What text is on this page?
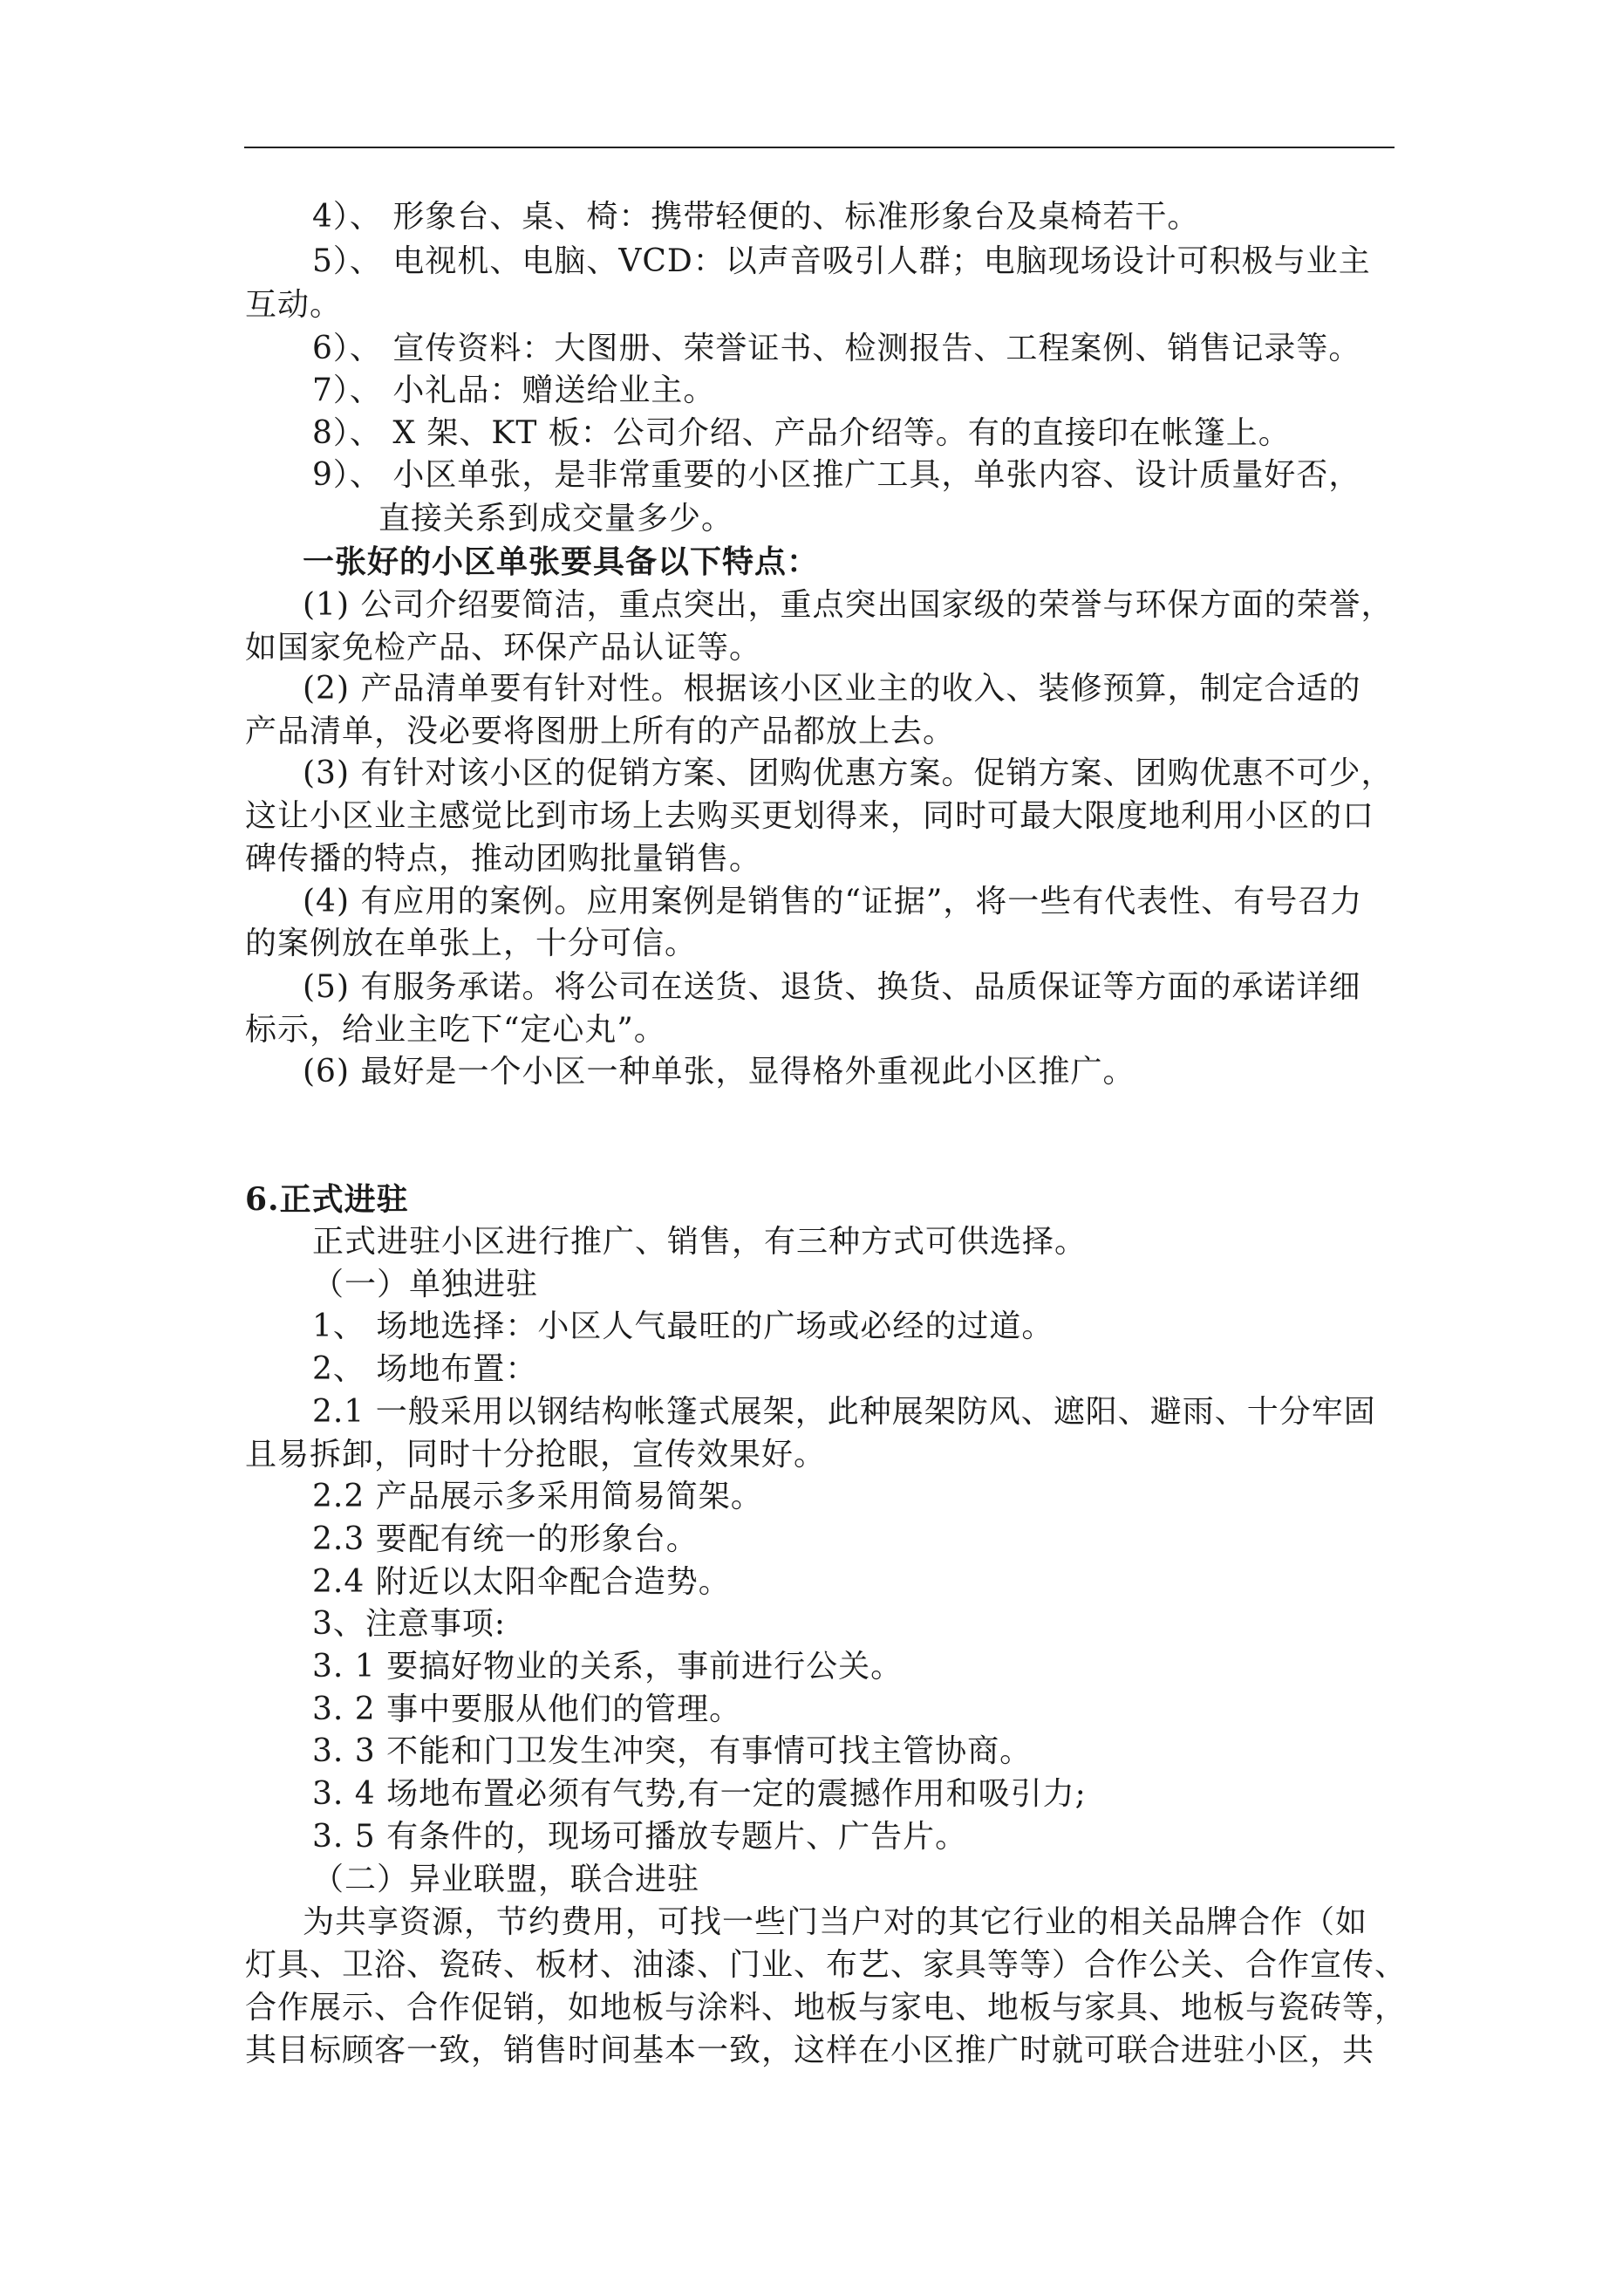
4）、 形象台、桌、椅：携带轻便的、标准形象台及桌椅若干。
5）、 电视机、电脑、VCD：以声音吸引人群；电脑现场设计可积极与业主
互动。
6）、 宣传资料：大图册、荣誉证书、检测报告、工程案例、销售记录等。
7）、 小礼品：赠送给业主。
8）、 X 架、KT 板：公司介绍、产品介绍等。有的直接印在帐篷上。
9）、 小区单张，是非常重要的小区推广工具，单张内容、设计质量好否，
直接关系到成交量多少。
一张好的小区单张要具备以下特点：
(1) 公司介绍要简洁，重点突出，重点突出国家级的荣誉与环保方面的荣誉，
如国家免检产品、环保产品认证等。
(2) 产品清单要有针对性。根据该小区业主的收入、装修预算，制定合适的
产品清单，没必要将图册上所有的产品都放上去。
(3) 有针对该小区的促销方案、团购优惠方案。促销方案、团购优惠不可少，
这让小区业主感觉比到市场上去购买更划得来，同时可最大限度地利用小区的口
碑传播的特点，推动团购批量销售。
(4) 有应用的案例。应用案例是销售的“证据”，将一些有代表性、有号召力
的案例放在单张上，十分可信。
(5) 有服务承诺。将公司在送货、退货、换货、品质保证等方面的承诺详细
标示，给业主吃下“定心丸”。
(6) 最好是一个小区一种单张，显得格外重视此小区推广。
6.正式进驻
正式进驻小区进行推广、销售，有三种方式可供选择。
（一）单独进驻
1、 场地选择：小区人气最旺的广场或必经的过道。
2、 场地布置：
2.1 一般采用以钢结构帐篷式展架，此种展架防风、遮阳、避雨、十分牢固
且易拆卸，同时十分抢眼，宣传效果好。
2.2 产品展示多采用简易简架。
2.3 要配有统一的形象台。
2.4 附近以太阳伞配合造势。
3、注意事项:
3. 1 要搞好物业的关系，事前进行公关。
3. 2 事中要服从他们的管理。
3. 3 不能和门卫发生冲突，有事情可找主管协商。
3. 4 场地布置必须有气势,有一定的震撼作用和吸引力;
3. 5 有条件的，现场可播放专题片、广告片。
（二）异业联盟，联合进驻
为共享资源，节约费用，可找一些门当户对的其它行业的相关品牌合作（如
灯具、卫浴、瓷砖、板材、油漆、门业、布艺、家具等等）合作公关、合作宣传、
合作展示、合作促销，如地板与涂料、地板与家电、地板与家具、地板与瓷砖等，
其目标顾客一致，销售时间基本一致，这样在小区推广时就可联合进驻小区，共
